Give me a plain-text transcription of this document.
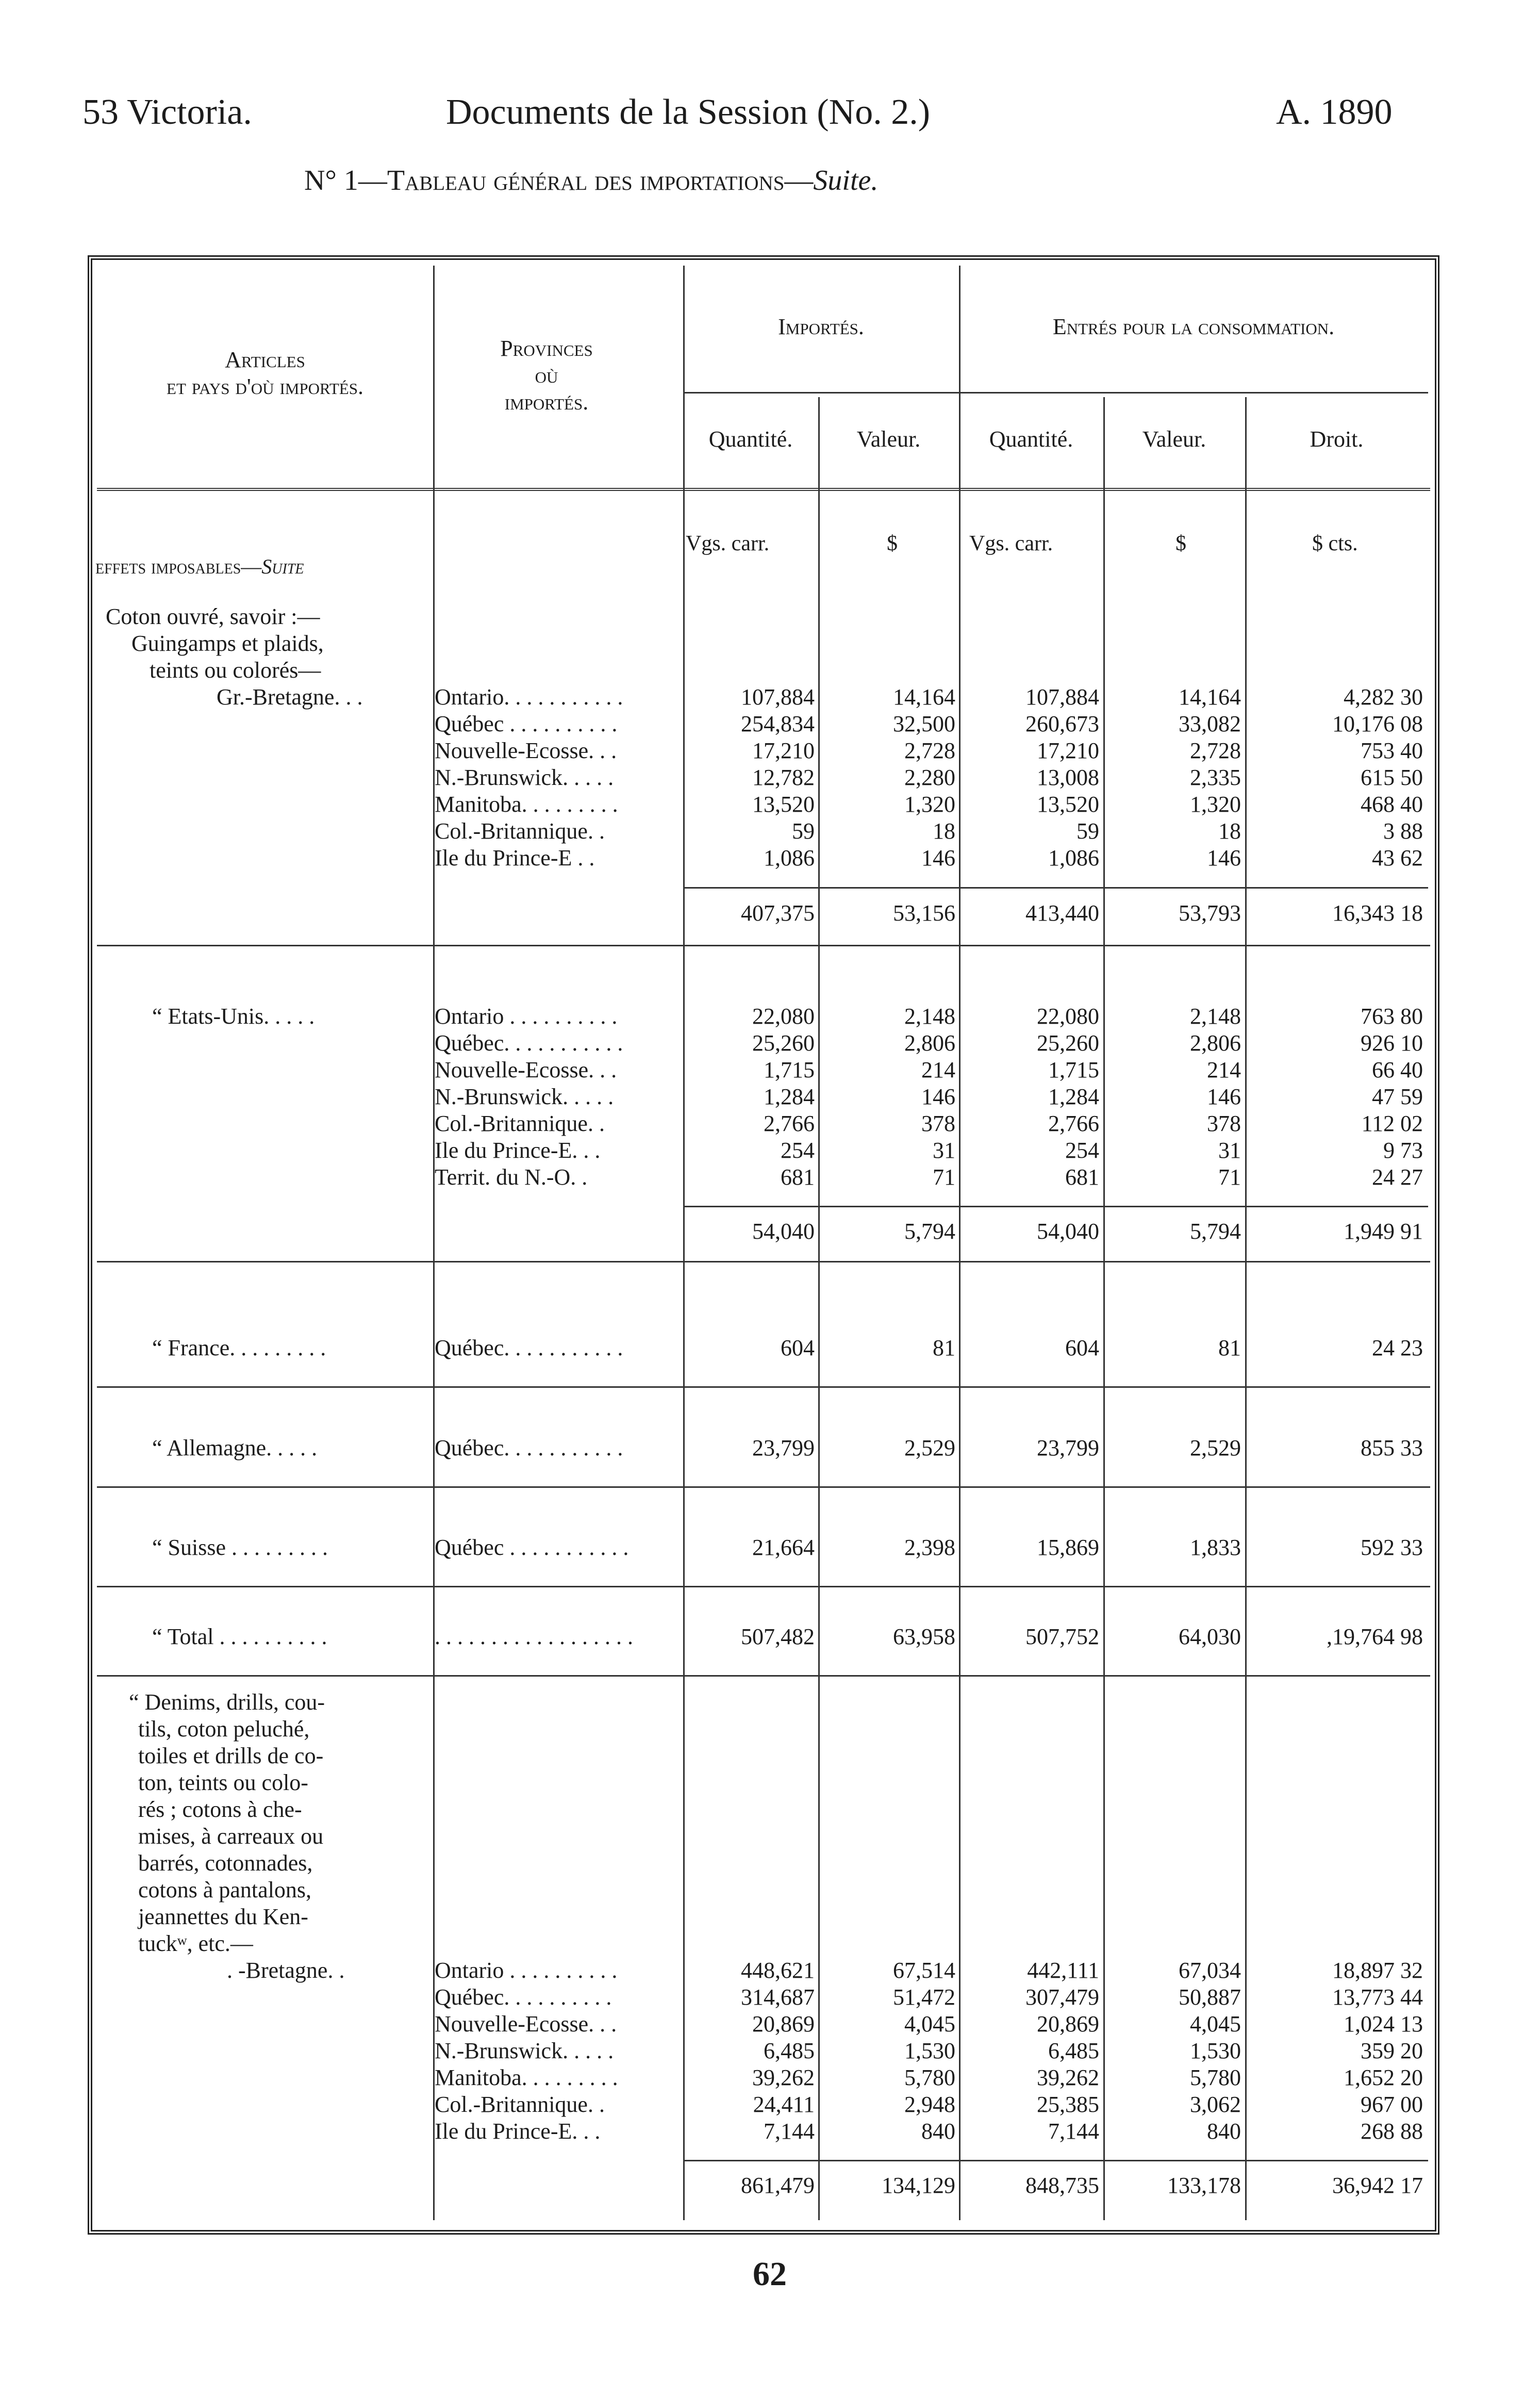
53 Victoria.	Documents de la Session (No. 2.)	A. 1890
N° 1—Tableau général des importations—Suite.
Articles
et pays d'où importés.
Provinces
où
importés.
Importés.	Entrés pour la consommation.
Quantité.	Valeur.	Quantité.	Valeur.	Droit.
Vgs. carr.	$	Vgs. carr.	$	$ cts.
effets imposables—Suite
Coton ouvré, savoir :—
Guingamps et plaids,
teints ou colorés—
Gr.-Bretagne. . .	Ontario. . . . . . . . . . .	107,884	14,164	107,884	14,164	4,282 30
Québec . . . . . . . . . .	254,834	32,500	260,673	33,082	10,176 08
Nouvelle-Ecosse. . .	17,210	2,728	17,210	2,728	753 40
N.-Brunswick. . . . .	12,782	2,280	13,008	2,335	615 50
Manitoba. . . . . . . . .	13,520	1,320	13,520	1,320	468 40
Col.-Britannique. .	59	18	59	18	3 88
Ile du Prince-E . .	1,086	146	1,086	146	43 62
407,375	53,156	413,440	53,793	16,343 18
“ Etats-Unis. . . . .	Ontario . . . . . . . . . .	22,080	2,148	22,080	2,148	763 80
Québec. . . . . . . . . . .	25,260	2,806	25,260	2,806	926 10
Nouvelle-Ecosse. . .	1,715	214	1,715	214	66 40
N.-Brunswick. . . . .	1,284	146	1,284	146	47 59
Col.-Britannique. .	2,766	378	2,766	378	112 02
Ile du Prince-E. . .	254	31	254	31	9 73
Territ. du N.-O. .	681	71	681	71	24 27
54,040	5,794	54,040	5,794	1,949 91
“ France. . . . . . . . .	Québec. . . . . . . . . . .	604	81	604	81	24 23
“ Allemagne. . . . .	Québec. . . . . . . . . . .	23,799	2,529	23,799	2,529	855 33
“ Suisse . . . . . . . . .	Québec . . . . . . . . . . .	21,664	2,398	15,869	1,833	592 33
“ Total . . . . . . . . . .	. . . . . . . . . . . . . . . . . .	507,482	63,958	507,752	64,030	,19,764 98
“ Denims, drills, cou-
tils, coton peluché,
toiles et drills de co-
ton, teints ou colo-
rés ; cotons à che-
mises, à carreaux ou
barrés, cotonnades,
cotons à pantalons,
jeannettes du Ken-
tuckʷ, etc.—
. -Bretagne. .	Ontario . . . . . . . . . .	448,621	67,514	442,111	67,034	18,897 32
Québec. . . . . . . . . .	314,687	51,472	307,479	50,887	13,773 44
Nouvelle-Ecosse. . .	20,869	4,045	20,869	4,045	1,024 13
N.-Brunswick. . . . .	6,485	1,530	6,485	1,530	359 20
Manitoba. . . . . . . . .	39,262	5,780	39,262	5,780	1,652 20
Col.-Britannique. .	24,411	2,948	25,385	3,062	967 00
Ile du Prince-E. . .	7,144	840	7,144	840	268 88
861,479	134,129	848,735	133,178	36,942 17
62
